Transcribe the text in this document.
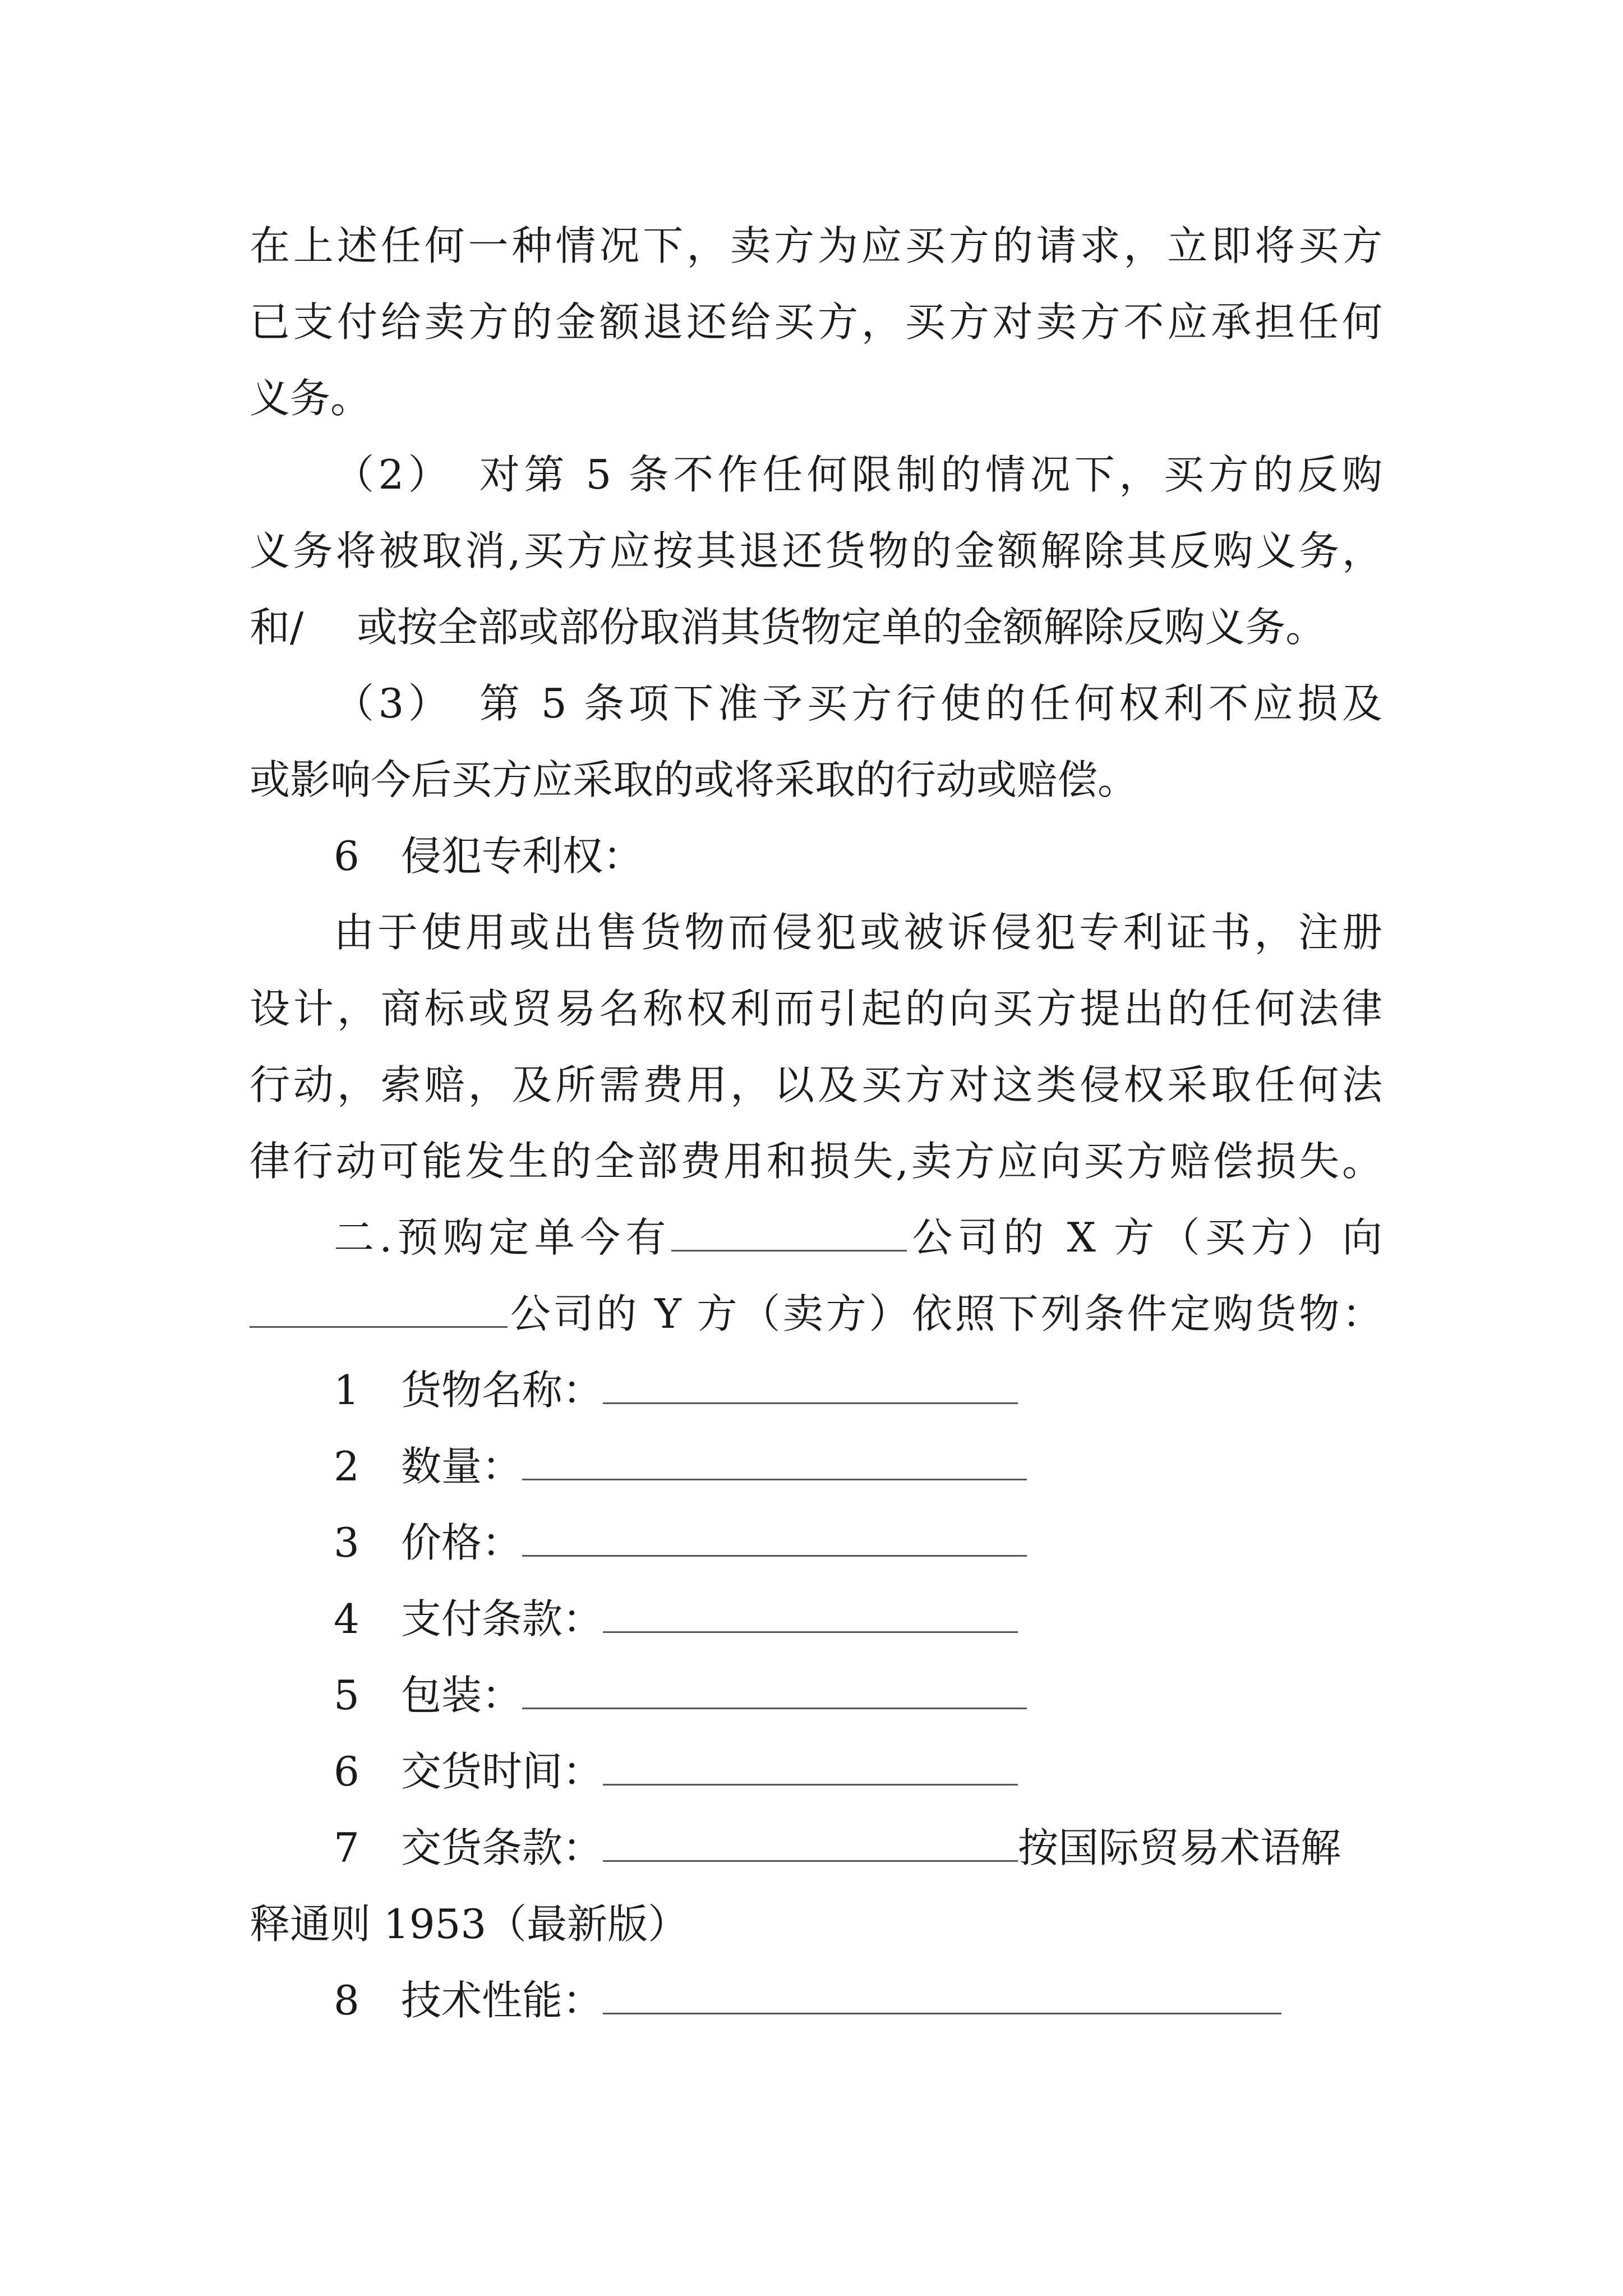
在上述任何一种情况下，卖方为应买方的请求，立即将买方
已支付给卖方的金额退还给买方，买方对卖方不应承担任何
义务。
（2） 对第 5 条不作任何限制的情况下，买方的反购
义务将被取消,买方应按其退还货物的金额解除其反购义务，
和/ 或按全部或部份取消其货物定单的金额解除反购义务。
（3） 第 5 条项下准予买方行使的任何权利不应损及
或影响今后买方应采取的或将采取的行动或赔偿。
6 侵犯专利权：
由于使用或出售货物而侵犯或被诉侵犯专利证书，注册
设计，商标或贸易名称权利而引起的向买方提出的任何法律
行动，索赔，及所需费用，以及买方对这类侵权采取任何法
律行动可能发生的全部费用和损失,卖方应向买方赔偿损失。
二.预购定单今有	公司的 X 方（买方）向
公司的 Y 方（卖方）依照下列条件定购货物：
1 货物名称：
2 数量：
3 价格：
4 支付条款：
5 包装：
6 交货时间：
7 交货条款：	按国际贸易术语解
释通则 1953（最新版）
8 技术性能：
